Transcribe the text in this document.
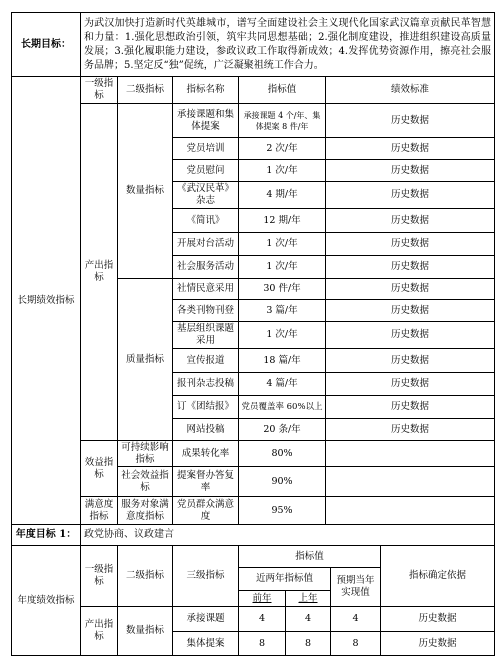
长期目标：	为武汉加快打造新时代英雄城市，谱写全面建设社会主义现代化国家武汉篇章贡献民革智慧和力量：1.强化思想政治引领，筑牢共同思想基础；2.强化制度建设，推进组织建设高质量发展；3.强化履职能力建设，参政议政工作取得新成效；4.发挥优势资源作用，擦亮社会服务品牌；5.坚定反“独”促统，广泛凝聚祖统工作合力。				
长期绩效指标	一级指标	二级指标	指标名称	指标值	绩效标准
	产出指标	数量指标	承接课题和集体提案	承接课题 4 个/年、集体提案 8 件/年	历史数据
			党员培训	2 次/年	历史数据
			党员慰问	1 次/年	历史数据
			《武汉民革》杂志	4 期/年	历史数据
			《简讯》	12 期/年	历史数据
			开展对台活动	1 次/年	历史数据
			社会服务活动	1 次/年	历史数据
		质量指标	社情民意采用	30 件/年	历史数据
			各类刊物刊登	3 篇/年	历史数据
			基层组织课题采用	1 次/年	历史数据
			宣传报道	18 篇/年	历史数据
			报刊杂志投稿	4 篇/年	历史数据
			订《团结报》	党员覆盖率 60%以上	历史数据
			网站投稿	20 条/年	历史数据
	效益指标	可持续影响指标	成果转化率	80%	
		社会效益指标	提案督办答复率	90%	
	满意度指标	服务对象满意度指标	党员群众满意度	95%	
年度目标 1：	政党协商、议政建言						
年度绩效指标	一级指标	二级指标	三级指标	指标值			指标确定依据
				近两年指标值		预期当年实现值	
				前年	上年		
	产出指标	数量指标	承接课题	4	4	4	历史数据
			集体提案	8	8	8	历史数据
